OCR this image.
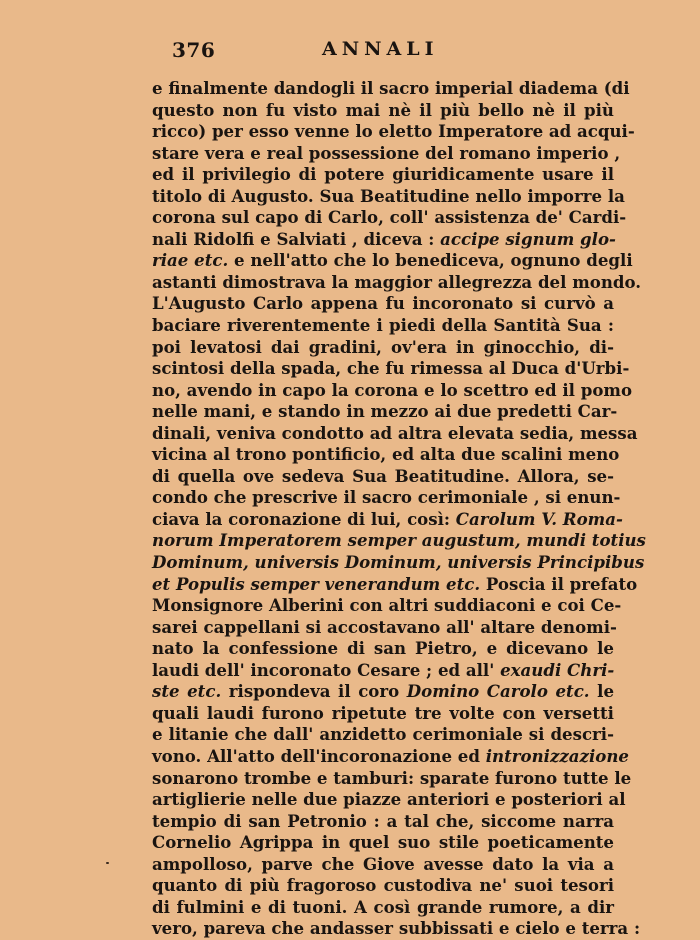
376	ANNALI
e finalmente dandogli il sacro imperial diadema (di
questo non fu visto mai nè il più bello nè il più
ricco) per esso venne lo eletto Imperatore ad acqui-
stare vera e real possessione del romano imperio ,
ed il privilegio di potere giuridicamente usare il
titolo di Augusto. Sua Beatitudine nello imporre la
corona sul capo di Carlo, coll' assistenza de' Cardi-
nali Ridolfi e Salviati , diceva : accipe signum glo-
riae etc. e nell'atto che lo benediceva, ognuno degli
astanti dimostrava la maggior allegrezza del mondo.
L'Augusto Carlo appena fu incoronato si curvò a
baciare riverentemente i piedi della Santità Sua :
poi levatosi dai gradini, ov'era in ginocchio, di-
scintosi della spada, che fu rimessa al Duca d'Urbi-
no, avendo in capo la corona e lo scettro ed il pomo
nelle mani, e stando in mezzo ai due predetti Car-
dinali, veniva condotto ad altra elevata sedia, messa
vicina al trono pontificio, ed alta due scalini meno
di quella ove sedeva Sua Beatitudine. Allora, se-
condo che prescrive il sacro cerimoniale , si enun-
ciava la coronazione di lui, così: Carolum V. Roma-
norum Imperatorem semper augustum, mundi totius
Dominum, universis Dominum, universis Principibus
et Populis semper venerandum etc. Poscia il prefato
Monsignore Alberini con altri suddiaconi e coi Ce-
sarei cappellani si accostavano all' altare denomi-
nato la confessione di san Pietro, e dicevano le
laudi dell' incoronato Cesare ; ed all' exaudi Chri-
ste etc. rispondeva il coro Domino Carolo etc. le
quali laudi furono ripetute tre volte con versetti
e litanie che dall' anzidetto cerimoniale si descri-
vono. All'atto dell'incoronazione ed intronizzazione
sonarono trombe e tamburi: sparate furono tutte le
artiglierie nelle due piazze anteriori e posteriori al
tempio di san Petronio : a tal che, siccome narra
Cornelio Agrippa in quel suo stile poeticamente
ampolloso, parve che Giove avesse dato la via a
quanto di più fragoroso custodiva ne' suoi tesori
di fulmini e di tuoni. A così grande rumore, a dir
vero, pareva che andasser subbissati e cielo e terra :
